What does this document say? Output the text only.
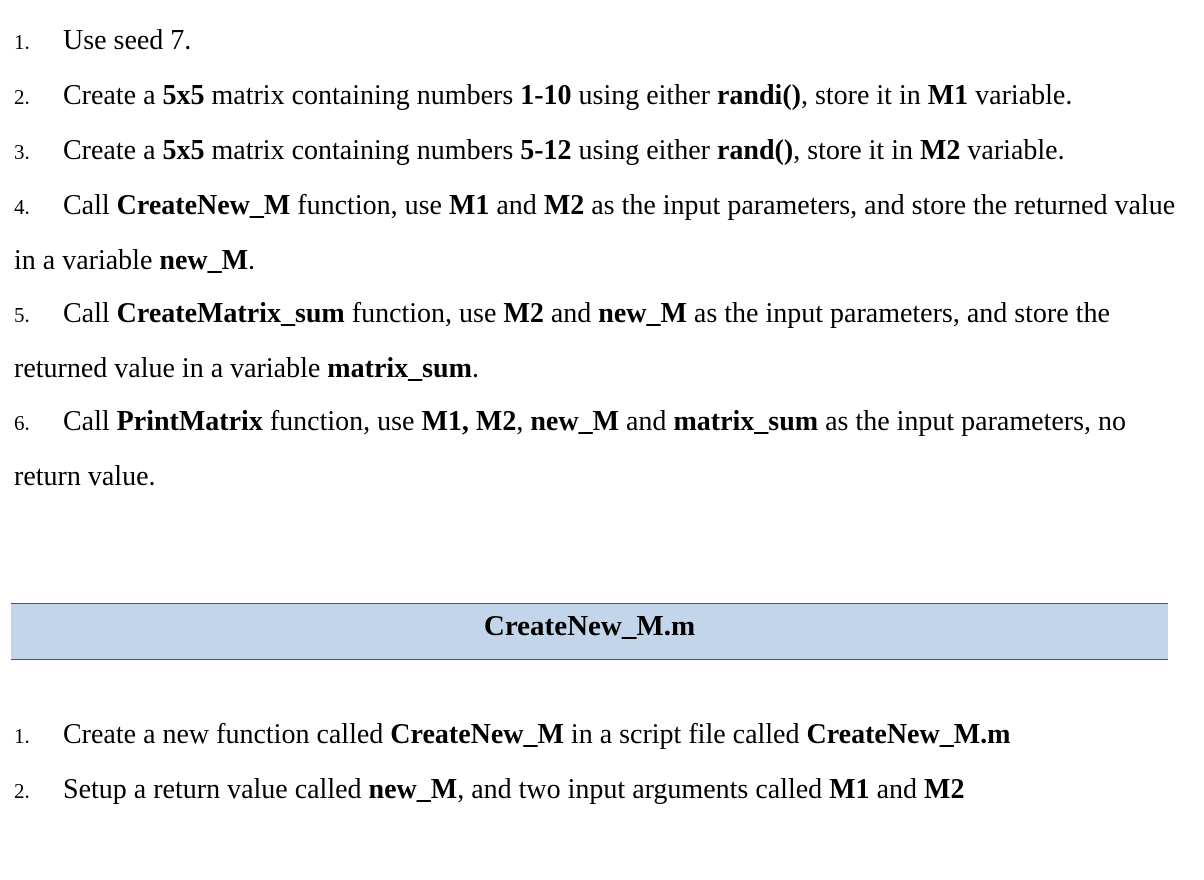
1. Use seed 7.

2. Create a 5x5 matrix containing numbers 1-10 using either randi(), store it in M1 variable.

3. Create a 5x5 matrix containing numbers 5-12 using either rand(), store it in M2 variable.

4. Call CreateNew_M function, use M1 and M2 as the input parameters, and store the returned value in a variable new_M.

5. Call CreateMatrix_sum function, use M2 and new_M as the input parameters, and store the returned value in a variable matrix_sum.

6. Call PrintMatrix function, use M1, M2, new_M and matrix_sum as the input parameters, no return value.

CreateNew_M.m

1. Create a new function called CreateNew_M in a script file called CreateNew_M.m

2. Setup a return value called new_M, and two input arguments called M1 and M2
